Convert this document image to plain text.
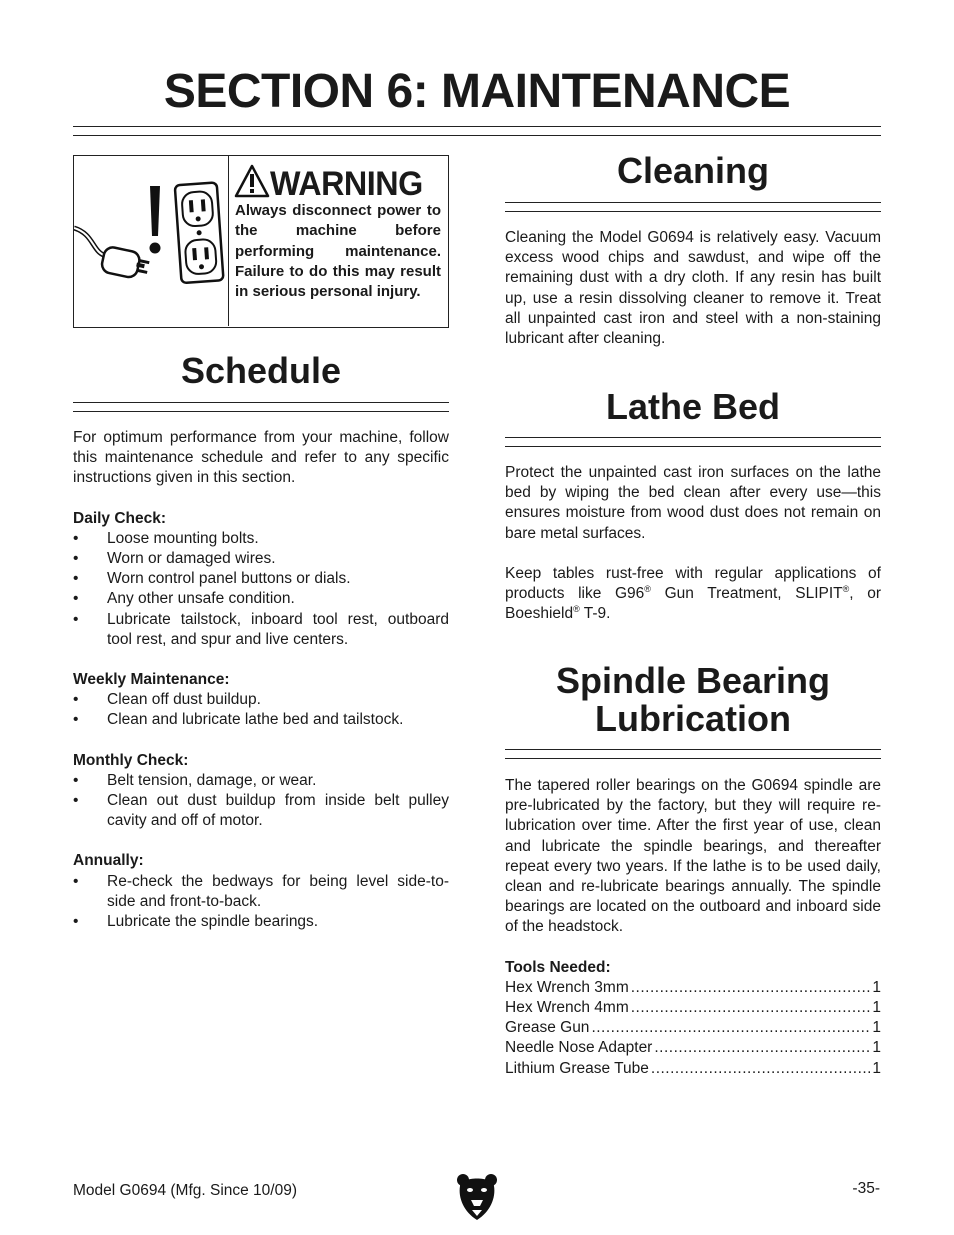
SECTION 6: MAINTENANCE
WARNING
Always disconnect power to the machine before performing maintenance. Failure to do this may result in serious personal injury.
Schedule

For optimum performance from your machine, follow this maintenance schedule and refer to any specific instructions given in this section.

Daily Check:

• Loose mounting bolts.

• Worn or damaged wires.

• Worn control panel buttons or dials.

• Any other unsafe condition.

• Lubricate tailstock, inboard tool rest, outboard tool rest, and spur and live centers.

Weekly Maintenance:

• Clean off dust buildup.

• Clean and lubricate lathe bed and tailstock.

Monthly Check:

• Belt tension, damage, or wear.

• Clean out dust buildup from inside belt pulley cavity and off of motor.

Annually:

• Re-check the bedways for being level side-to-side and front-to-back.

• Lubricate the spindle bearings.

Cleaning
Cleaning the Model G0694 is relatively easy. Vacuum excess wood chips and sawdust, and wipe off the remaining dust with a dry cloth. If any resin has built up, use a resin dissolving cleaner to remove it. Treat all unpainted cast iron and steel with a non-staining lubricant after cleaning.
Lathe Bed

Protect the unpainted cast iron surfaces on the lathe bed by wiping the bed clean after every use—this ensures moisture from wood dust does not remain on bare metal surfaces.

Keep tables rust-free with regular applications of products like G96® Gun Treatment, SLIPIT®, or Boeshield® T-9.

Spindle Bearing
Lubrication

The tapered roller bearings on the G0694 spindle are pre-lubricated by the factory, but they will require re-lubrication over time. After the first year of use, clean and lubricate the spindle bearings, and thereafter repeat every two years. If the lathe is to be used daily, clean and re-lubricate bearings annually. The spindle bearings are located on the outboard and inboard side of the headstock.

Tools Needed:

Hex Wrench 3mm .....	1
Hex Wrench 4mm .....	1
Grease Gun .....	1
Needle Nose Adapter .....	1
Lithium Grease Tube .....	1
Model G0694 (Mfg. Since 10/09)	-35-
